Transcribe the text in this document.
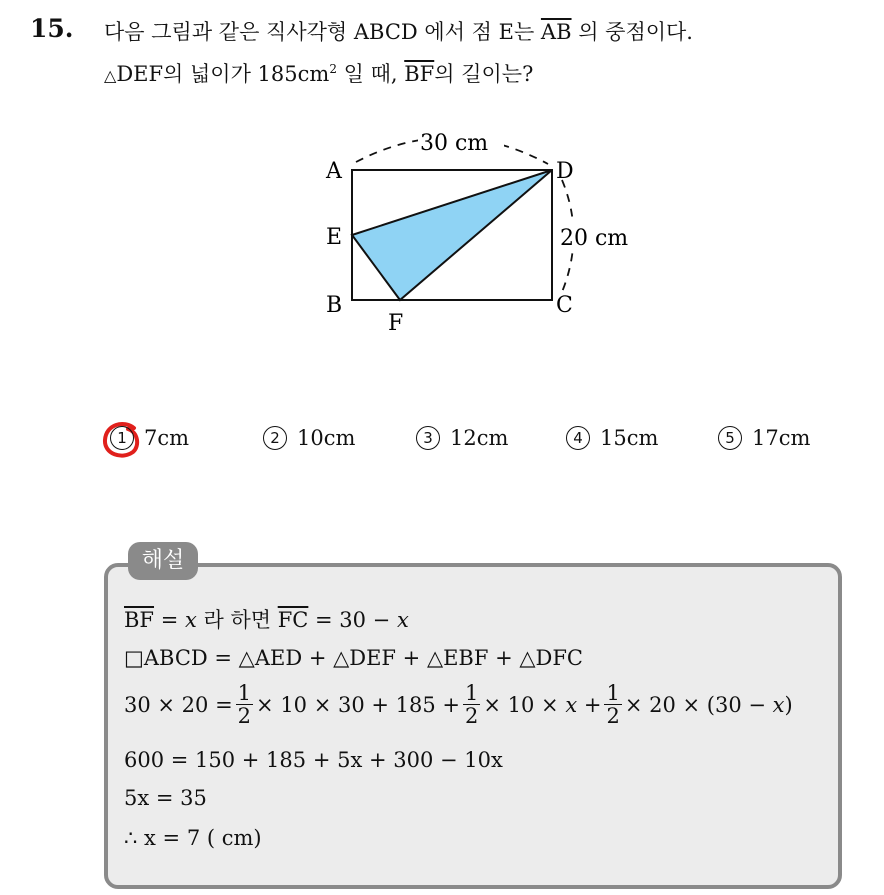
15. 다음 그림과 같은 직사각형 ABCD 에서 점 E는 $\overline{AB}$ 의 중점이다.
△DEF의 넓이가 $185cm^2$ 일 때, $\overline{BF}$의 길이는?
30 cm
20 cm
A
E
B
F
D
C
1 7cm	2 10cm	3 12cm	4 15cm	5 17cm
해설
$\overline{BF} = x$ 라 하면 $\overline{FC} = 30 - x$
□ABCD = △AED + △DEF + △EBF + △DFC
$30 \times 20 = \frac{1}{2} \times 10 \times 30 + 185 + \frac{1}{2} \times 10 \times x + \frac{1}{2} \times 20 \times (30 - x$ )
600 = 150 + 185 + 5x + 300 − 10x
5x = 35
∴ x = 7 ( cm)
